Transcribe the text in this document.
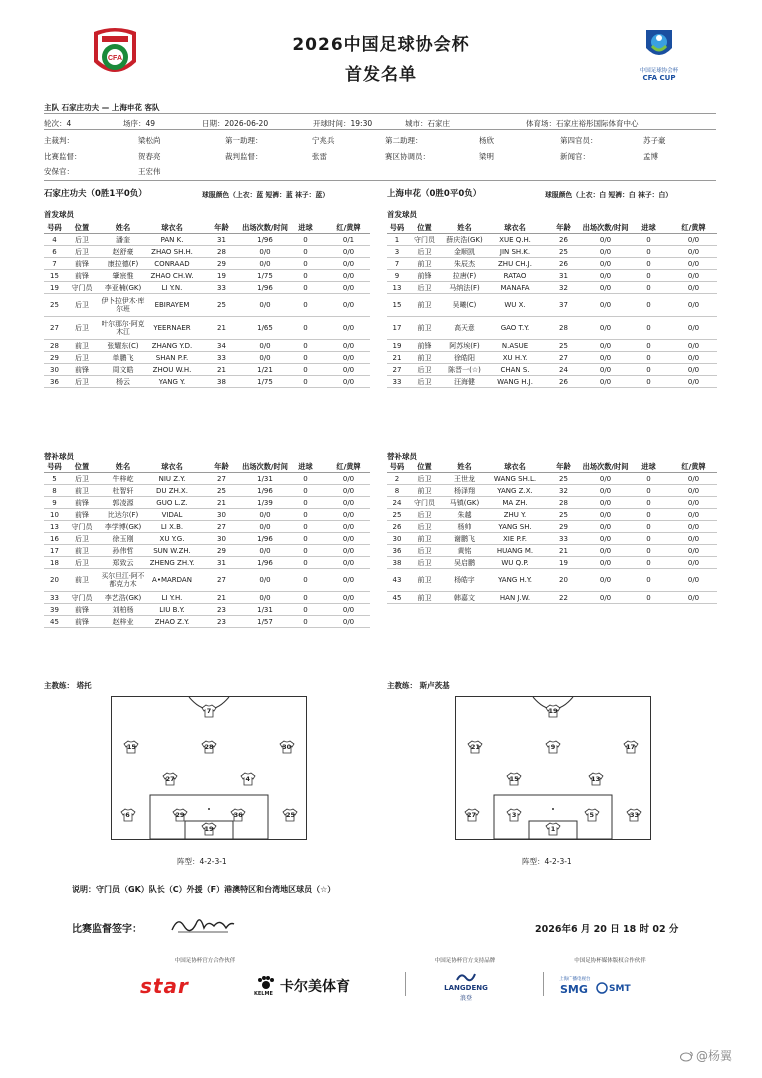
CFA
2026中国足球协会杯
首发名单	中国足球协会杯
CFA CUP
主队 石家庄功夫 — 上海申花 客队
轮次：4	场序：49	日期：2026-06-20	开球时间：19:30	城市：石家庄	体育场：石家庄裕彤国际体育中心
主裁判：	梁松尚	第一助理：	宁兆兵	第二助理：	杨欣	第四官员：	苏子豪
比赛监督：	贺春亮	裁判监督：	张雷	赛区协调员：	梁明	新闻官：	孟博
安保官：	王宏伟
石家庄功夫（0胜1平0负）	球服颜色（上衣：蓝 短裤：蓝 袜子：蓝）
首发球员
号码	位置	姓名	球衣名	年龄	出场次数/时间	进球	红/黄牌
4	后卫	潘奎	PAN K.	31	1/96	0	0/1
6	后卫	赵舒豪	ZHAO SH.H.	28	0/0	0	0/0
7	前锋	康拉德(F)	CONRAAD	29	0/0	0	0/0
15	前锋	肇宸惟	ZHAO CH.W.	19	1/75	0	0/0
19	守门员	李亚楠(GK)	LI Y.N.	33	1/96	0	0/0
25	后卫	伊卜拉伊木·库尔班	EBIRAYEM	25	0/0	0	0/0
27	后卫	叶尔那尔·阿克木江	YEERNAER	21	1/65	0	0/0
28	前卫	张耀东(C)	ZHANG Y.D.	34	0/0	0	0/0
29	后卫	单鹏飞	SHAN P.F.	33	0/0	0	0/0
30	前锋	周文皓	ZHOU W.H.	21	1/21	0	0/0
36	后卫	杨云	YANG Y.	38	1/75	0	0/0
替补球员
号码	位置	姓名	球衣名	年龄	出场次数/时间	进球	红/黄牌
5	后卫	牛梓屹	NIU Z.Y.	27	1/31	0	0/0
8	前卫	杜智轩	DU ZH.X.	25	1/96	0	0/0
9	前锋	郭凌源	GUO L.Z.	21	1/39	0	0/0
10	前锋	比达尔(F)	VIDAL	30	0/0	0	0/0
13	守门员	李学博(GK)	LI X.B.	27	0/0	0	0/0
16	后卫	徐玉刚	XU Y.G.	30	1/96	0	0/0
17	前卫	孙伟哲	SUN W.ZH.	29	0/0	0	0/0
18	后卫	郑致云	ZHENG ZH.Y.	31	1/96	0	0/0
20	前卫	买尔旦江·阿不都克力木	A•MARDAN	27	0/0	0	0/0
33	守门员	李艺浩(GK)	LI Y.H.	21	0/0	0	0/0
39	前锋	刘柏杨	LIU B.Y.	23	1/31	0	0/0
45	前锋	赵梓业	ZHAO Z.Y.	23	1/57	0	0/0
上海申花（0胜0平0负）	球服颜色（上衣：白 短裤：白 袜子：白）
首发球员
号码	位置	姓名	球衣名	年龄	出场次数/时间	进球	红/黄牌
1	守门员	薛庆浩(GK)	XUE Q.H.	26	0/0	0	0/0
3	后卫	金顺凯	JIN SH.K.	25	0/0	0	0/0
7	前卫	朱辰杰	ZHU CH.J.	26	0/0	0	0/0
9	前锋	拉唐(F)	RATAO	31	0/0	0	0/0
13	后卫	马纳法(F)	MANAFA	32	0/0	0	0/0
15	前卫	吴曦(C)	WU X.	37	0/0	0	0/0
17	前卫	高天意	GAO T.Y.	28	0/0	0	0/0
19	前锋	阿苏埃(F)	N.ASUE	25	0/0	0	0/0
21	前卫	徐皓阳	XU H.Y.	27	0/0	0	0/0
27	后卫	陈晋一(☆)	CHAN S.	24	0/0	0	0/0
33	后卫	汪海健	WANG H.J.	26	0/0	0	0/0
替补球员
号码	位置	姓名	球衣名	年龄	出场次数/时间	进球	红/黄牌
2	后卫	王世龙	WANG SH.L.	25	0/0	0	0/0
8	前卫	杨泽翔	YANG Z.X.	32	0/0	0	0/0
24	守门员	马镇(GK)	MA ZH.	28	0/0	0	0/0
25	后卫	朱越	ZHU Y.	25	0/0	0	0/0
26	后卫	杨帅	YANG SH.	29	0/0	0	0/0
30	前卫	谢鹏飞	XIE P.F.	33	0/0	0	0/0
36	后卫	黄铭	HUANG M.	21	0/0	0	0/0
38	后卫	吴启鹏	WU Q.P.	19	0/0	0	0/0
43	前卫	杨皓宇	YANG H.Y.	20	0/0	0	0/0
45	前卫	韩嘉文	HAN J.W.	22	0/0	0	0/0
主教练： 塔托	主教练： 斯卢茨基
7
15	28	30
27	4
6	29	36	25
19
19
21	9	17
15	13
27	3	5	33
1
阵型：4-2-3-1	阵型：4-2-3-1
说明：守门员（GK）队长（C）外援（F）港澳特区和台湾地区球员（☆）
比赛监督签字：	2026年6 月 20 日 18 时 02 分
中国足协杯官方合作伙伴	中国足协杯官方支持品牌	中国足协杯媒体版权合作伙伴
star	KELME 卡尔美体育	LANGDENG
浪登
上海广播电视台
SMG SMT
@杨翼
